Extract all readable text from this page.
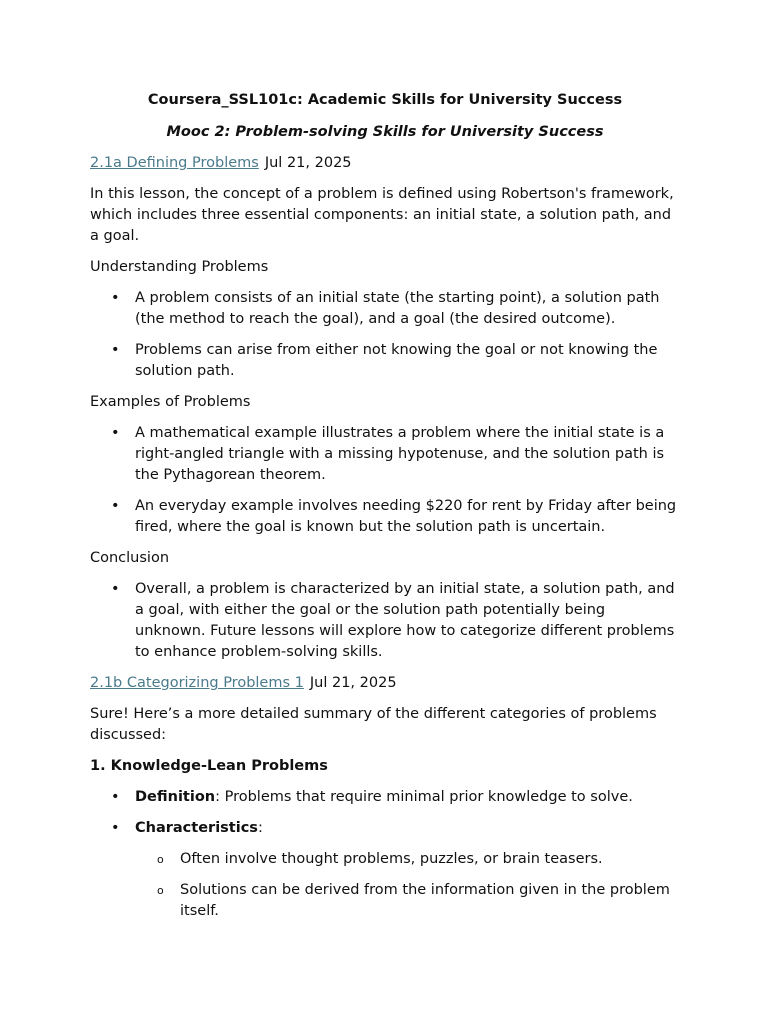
Coursera_SSL101c: Academic Skills for University Success

Mooc 2: Problem-solving Skills for University Success

2.1a Defining Problems Jul 21, 2025

In this lesson, the concept of a problem is defined using Robertson's framework, which includes three essential components: an initial state, a solution path, and a goal.

Understanding Problems

• A problem consists of an initial state (the starting point), a solution path (the method to reach the goal), and a goal (the desired outcome).
• Problems can arise from either not knowing the goal or not knowing the solution path.

Examples of Problems

• A mathematical example illustrates a problem where the initial state is a right-angled triangle with a missing hypotenuse, and the solution path is the Pythagorean theorem.
• An everyday example involves needing $220 for rent by Friday after being fired, where the goal is known but the solution path is uncertain.

Conclusion

• Overall, a problem is characterized by an initial state, a solution path, and a goal, with either the goal or the solution path potentially being unknown. Future lessons will explore how to categorize different problems to enhance problem-solving skills.

2.1b Categorizing Problems 1 Jul 21, 2025

Sure! Here’s a more detailed summary of the different categories of problems discussed:

1. Knowledge-Lean Problems

• Definition: Problems that require minimal prior knowledge to solve.
• Characteristics:
o Often involve thought problems, puzzles, or brain teasers.
o Solutions can be derived from the information given in the problem itself.
